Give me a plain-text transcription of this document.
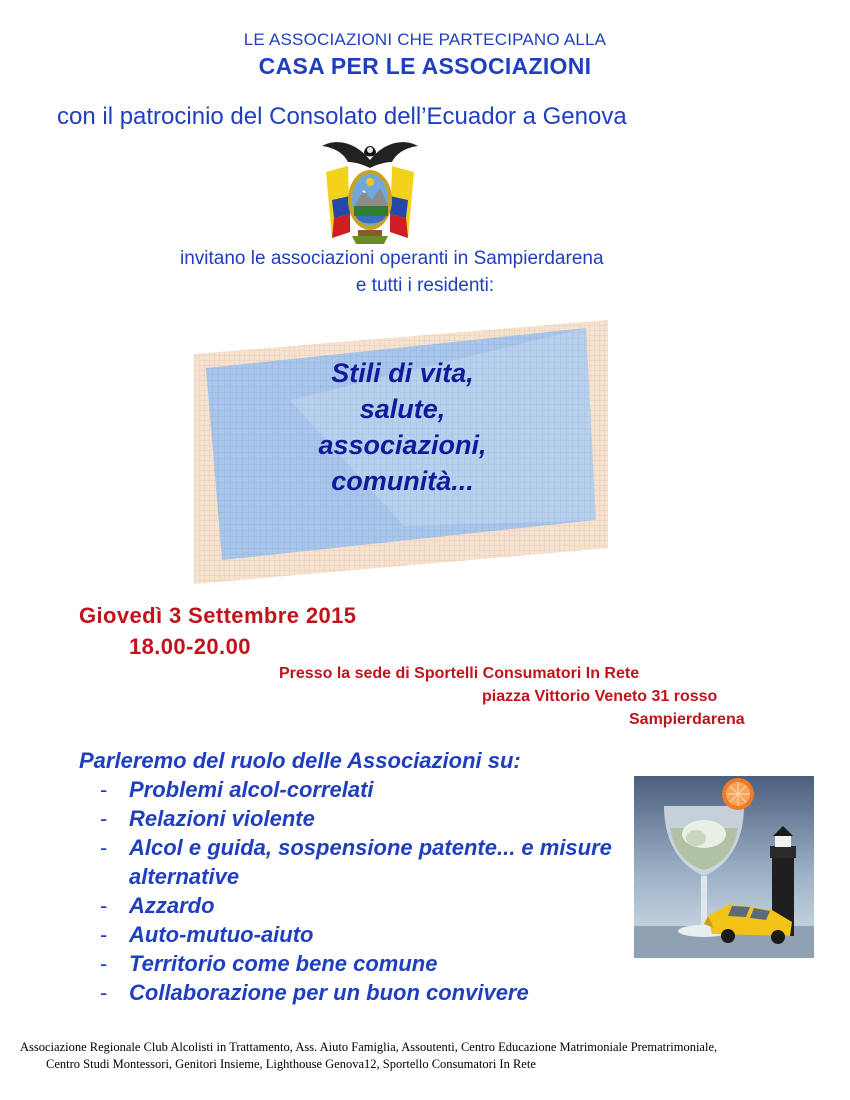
LE ASSOCIAZIONI CHE PARTECIPANO ALLA
CASA PER LE ASSOCIAZIONI
con il patrocinio del Consolato dell’Ecuador a Genova
invitano le associazioni operanti in Sampierdarena
e tutti i residenti:
Stili di vita,
salute,
associazioni,
comunità...
Giovedì 3 Settembre 2015
18.00-20.00
Presso la sede di Sportelli Consumatori In Rete
piazza Vittorio Veneto 31 rosso
Sampierdarena
Parleremo del ruolo delle Associazioni su:
- Problemi alcol-correlati
- Relazioni violente
- Alcol e guida, sospensione patente... e misure alternative
- Azzardo
- Auto-mutuo-aiuto
- Territorio come bene comune
- Collaborazione per un buon convivere
Associazione Regionale Club Alcolisti in Trattamento, Ass. Aiuto Famiglia, Assoutenti, Centro Educazione Matrimoniale Prematrimoniale,
Centro Studi Montessori, Genitori Insieme, Lighthouse Genova12, Sportello Consumatori In Rete
